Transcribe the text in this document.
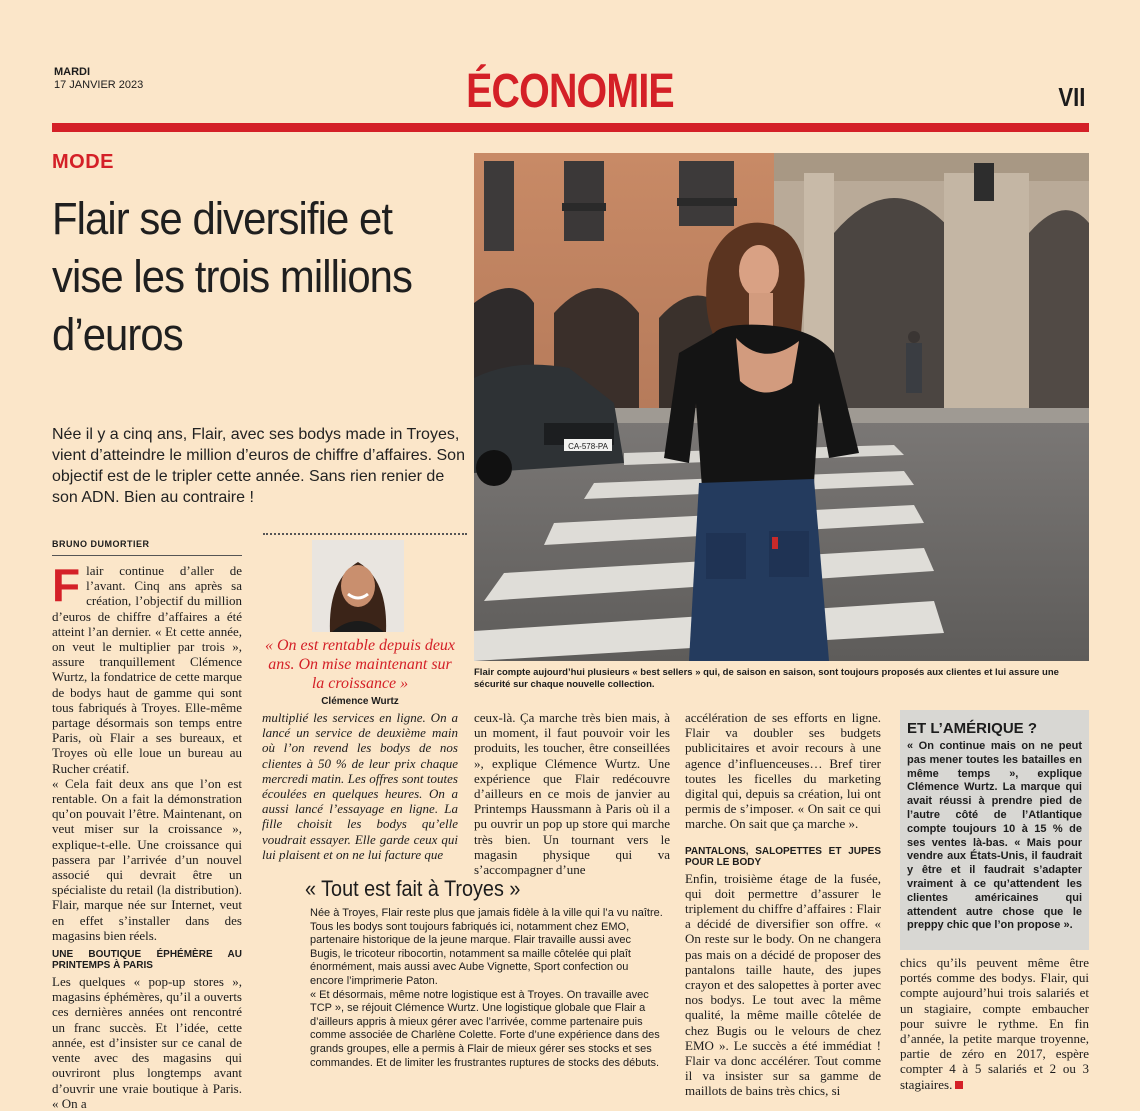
MARDI
17 JANVIER 2023	ÉCONOMIE	VII
MODE
Flair se diversifie et vise les trois millions d’euros

Née il y a cinq ans, Flair, avec ses bodys made in Troyes, vient d’atteindre le million d’euros de chiffre d’affaires. Son objectif est de le tripler cette année. Sans rien renier de son ADN. Bien au contraire !

BRUNO DUMORTIER
CA-578-PA

Flair compte aujourd’hui plusieurs « best sellers » qui, de saison en saison, sont toujours proposés aux clientes et lui assure une sécurité sur chaque nouvelle collection.

F lair continue d’aller de l’avant. Cinq ans après sa création, l’objectif du million d’euros de chiffre d’affaires a été atteint l’an dernier. « Et cette année, on veut le multiplier par trois », assure tranquillement Clémence Wurtz, la fondatrice de cette marque de bodys haut de gamme qui sont tous fabriqués à Troyes. Elle-même partage désormais son temps entre Paris, où Flair a ses bureaux, et Troyes où elle loue un bureau au Rucher créatif.

« Cela fait deux ans que l’on est rentable. On a fait la démonstration qu’on pouvait l’être. Maintenant, on veut miser sur la croissance », explique-t-elle. Une croissance qui passera par l’arrivée d’un nouvel associé qui devrait être un spécialiste du retail (la distribution). Flair, marque née sur Internet, veut en effet s’installer dans des magasins bien réels.

UNE BOUTIQUE ÉPHÉMÈRE AU PRINTEMPS À PARIS

Les quelques « pop-up stores », magasins éphémères, qu’il a ouverts ces dernières années ont rencontré un franc succès. Et l’idée, cette année, est d’insister sur ce canal de vente avec des magasins qui ouvriront plus longtemps avant d’ouvrir une vraie boutique à Paris. « On a

« On est rentable depuis deux ans. On mise maintenant sur la croissance »
Clémence Wurtz

multiplié les services en ligne. On a lancé un service de deuxième main où l’on revend les bodys de nos clientes à 50 % de leur prix chaque mercredi matin. Les offres sont toutes écoulées en quelques heures. On a aussi lancé l’essayage en ligne. La fille choisit les bodys qu’elle voudrait essayer. Elle garde ceux qui lui plaisent et on ne lui facture que

ceux-là. Ça marche très bien mais, à un moment, il faut pouvoir voir les produits, les toucher, être conseillées », explique Clémence Wurtz. Une expérience que Flair redécouvre d’ailleurs en ce mois de janvier au Printemps Haussmann à Paris où il a pu ouvrir un pop up store qui marche très bien. Un tournant vers le magasin physique qui va s’accompagner d’une

accélération de ses efforts en ligne. Flair va doubler ses budgets publicitaires et avoir recours à une agence d’influenceuses… Bref tirer toutes les ficelles du marketing digital qui, depuis sa création, lui ont permis de s’imposer. « On sait ce qui marche. On sait que ça marche ».

PANTALONS, SALOPETTES ET JUPES POUR LE BODY

Enfin, troisième étage de la fusée, qui doit permettre d’assurer le triplement du chiffre d’affaires : Flair a décidé de diversifier son offre. « On reste sur le body. On ne changera pas mais on a décidé de proposer des pantalons taille haute, des jupes crayon et des salopettes à porter avec nos bodys. Le tout avec la même qualité, la même maille côtelée de chez Bugis ou le velours de chez EMO ». Le succès a été immédiat ! Flair va donc accélérer. Tout comme il va insister sur sa gamme de maillots de bains très chics, si

« Tout est fait à Troyes »

Née à Troyes, Flair reste plus que jamais fidèle à la ville qui l’a vu naître. Tous les bodys sont toujours fabriqués ici, notamment chez EMO, partenaire historique de la jeune marque. Flair travaille aussi avec Bugis, le tricoteur ribocortin, notamment sa maille côtelée qui plaît énormément, mais aussi avec Aube Vignette, Sport confection ou encore l’imprimerie Paton.

« Et désormais, même notre logistique est à Troyes. On travaille avec TCP », se réjouit Clémence Wurtz. Une logistique globale que Flair a d’ailleurs appris à mieux gérer avec l’arrivée, comme partenaire puis comme associée de Charlène Colette. Forte d’une expérience dans des grands groupes, elle a permis à Flair de mieux gérer ses stocks et ses commandes. Et de limiter les frustrantes ruptures de stocks des débuts.

ET L’AMÉRIQUE ?
« On continue mais on ne peut pas mener toutes les batailles en même temps », explique Clémence Wurtz. La marque qui avait réussi à prendre pied de l’autre côté de l’Atlantique compte toujours 10 à 15 % de ses ventes là-bas. « Mais pour vendre aux États-Unis, il faudrait y être et il faudrait s’adapter vraiment à ce qu’attendent les clientes américaines qui attendent autre chose que le preppy chic que l’on propose ».
chics qu’ils peuvent même être portés comme des bodys. Flair, qui compte aujourd’hui trois salariés et un stagiaire, compte embaucher pour suivre le rythme. En fin d’année, la petite marque troyenne, partie de zéro en 2017, espère compter 4 à 5 salariés et 2 ou 3 stagiaires.
